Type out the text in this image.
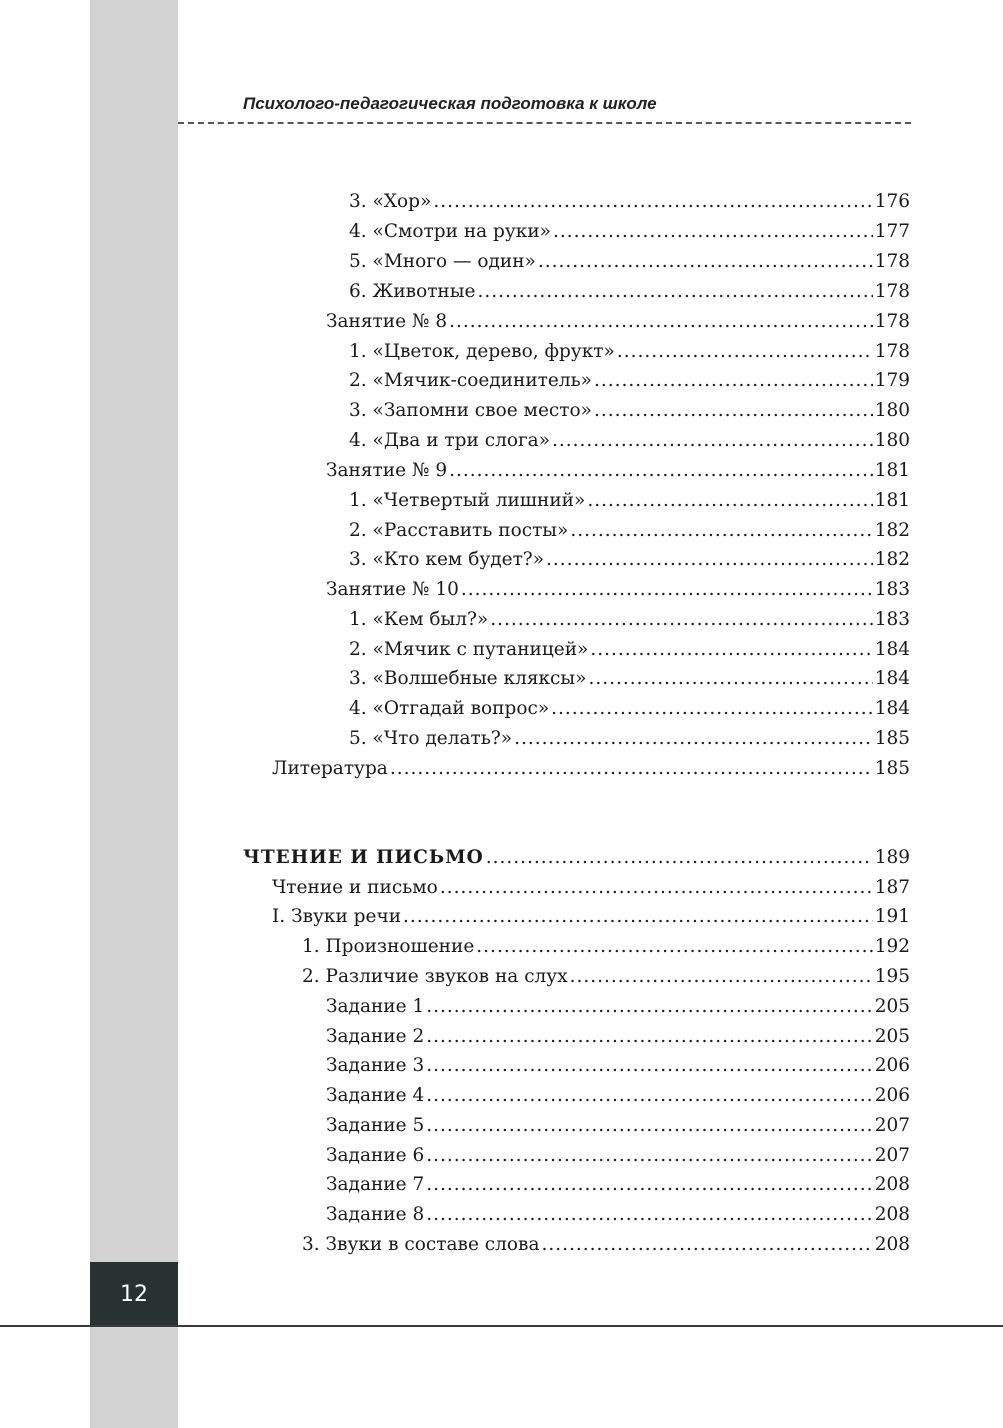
Психолого-педагогическая подготовка к школе
3. «Хор» .....	176
4. «Смотри на руки» .....	177
5. «Много — один» .....	178
6. Животные .....	178
Занятие № 8 .....	178
1. «Цветок, дерево, фрукт» .....	178
2. «Мячик-соединитель» .....	179
3. «Запомни свое место» .....	180
4. «Два и три слога» .....	180
Занятие № 9 .....	181
1. «Четвертый лишний» .....	181
2. «Расставить посты» .....	182
3. «Кто кем будет?» .....	182
Занятие № 10 .....	183
1. «Кем был?» .....	183
2. «Мячик с путаницей» .....	184
3. «Волшебные кляксы» .....	184
4. «Отгадай вопрос» .....	184
5. «Что делать?» .....	185
Литература .....	185
ЧТЕНИЕ И ПИСЬМО .....	189
Чтение и письмо .....	187
I. Звуки речи .....	191
1. Произношение .....	192
2. Различие звуков на слух .....	195
Задание 1 .....	205
Задание 2 .....	205
Задание 3 .....	206
Задание 4 .....	206
Задание 5 .....	207
Задание 6 .....	207
Задание 7 .....	208
Задание 8 .....	208
3. Звуки в составе слова .....	208
12
